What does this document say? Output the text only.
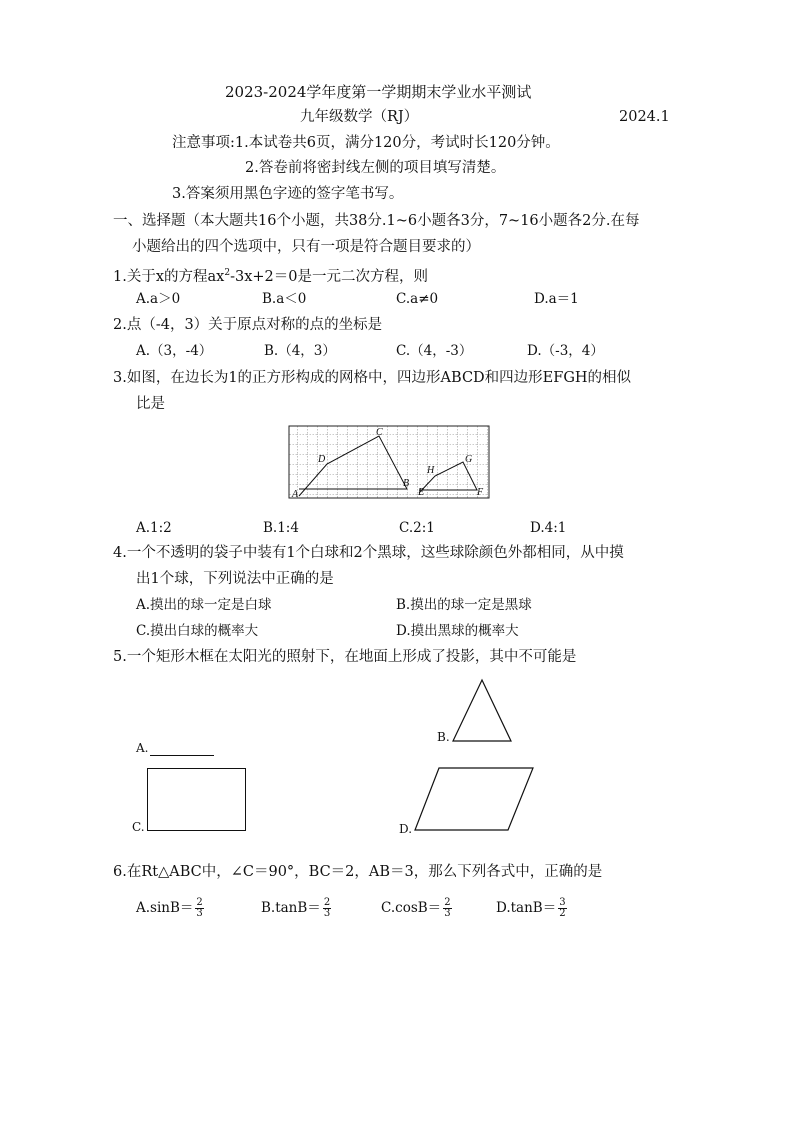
2023-2024学年度第一学期期末学业水平测试
九年级数学（RJ）	2024.1
注意事项:1.本试卷共6页，满分120分，考试时长120分钟。
2.答卷前将密封线左侧的项目填写清楚。
3.答案须用黑色字迹的签字笔书写。
一、选择题（本大题共16个小题，共38分.1~6小题各3分，7~16小题各2分.在每
小题给出的四个选项中，只有一项是符合题目要求的）
1.关于x的方程$ax^2-3x+2=0$是一元二次方程，则
A.a＞0	B.a＜0	C.a≠0	D.a＝1
2.点（-4，3）关于原点对称的点的坐标是
A.（3，-4）	B.（4，3）	C.（4，-3）	D.（-3，4）
3.如图，在边长为1的正方形构成的网格中，四边形ABCD和四边形EFGH的相似
比是
A
B
C
D
E	F
G
H
A.1:2	B.1:4	C.2:1	D.4:1
4.一个不透明的袋子中装有1个白球和2个黑球，这些球除颜色外都相同，从中摸
出1个球，下列说法中正确的是
A.摸出的球一定是白球	B.摸出的球一定是黑球
C.摸出白球的概率大	D.摸出黑球的概率大
5.一个矩形木框在太阳光的照射下，在地面上形成了投影，其中不可能是
A.
B.
C.	D.
6.在Rt△ABC中，∠C＝90°，BC＝2，AB＝3，那么下列各式中，正确的是
$A.\sin B= \frac{2}{3}$	$B.\tan B= \frac{2}{3}$	$C.\cos B= \frac{2}{3}$	$D.\tan B= \frac{3}{2}$
